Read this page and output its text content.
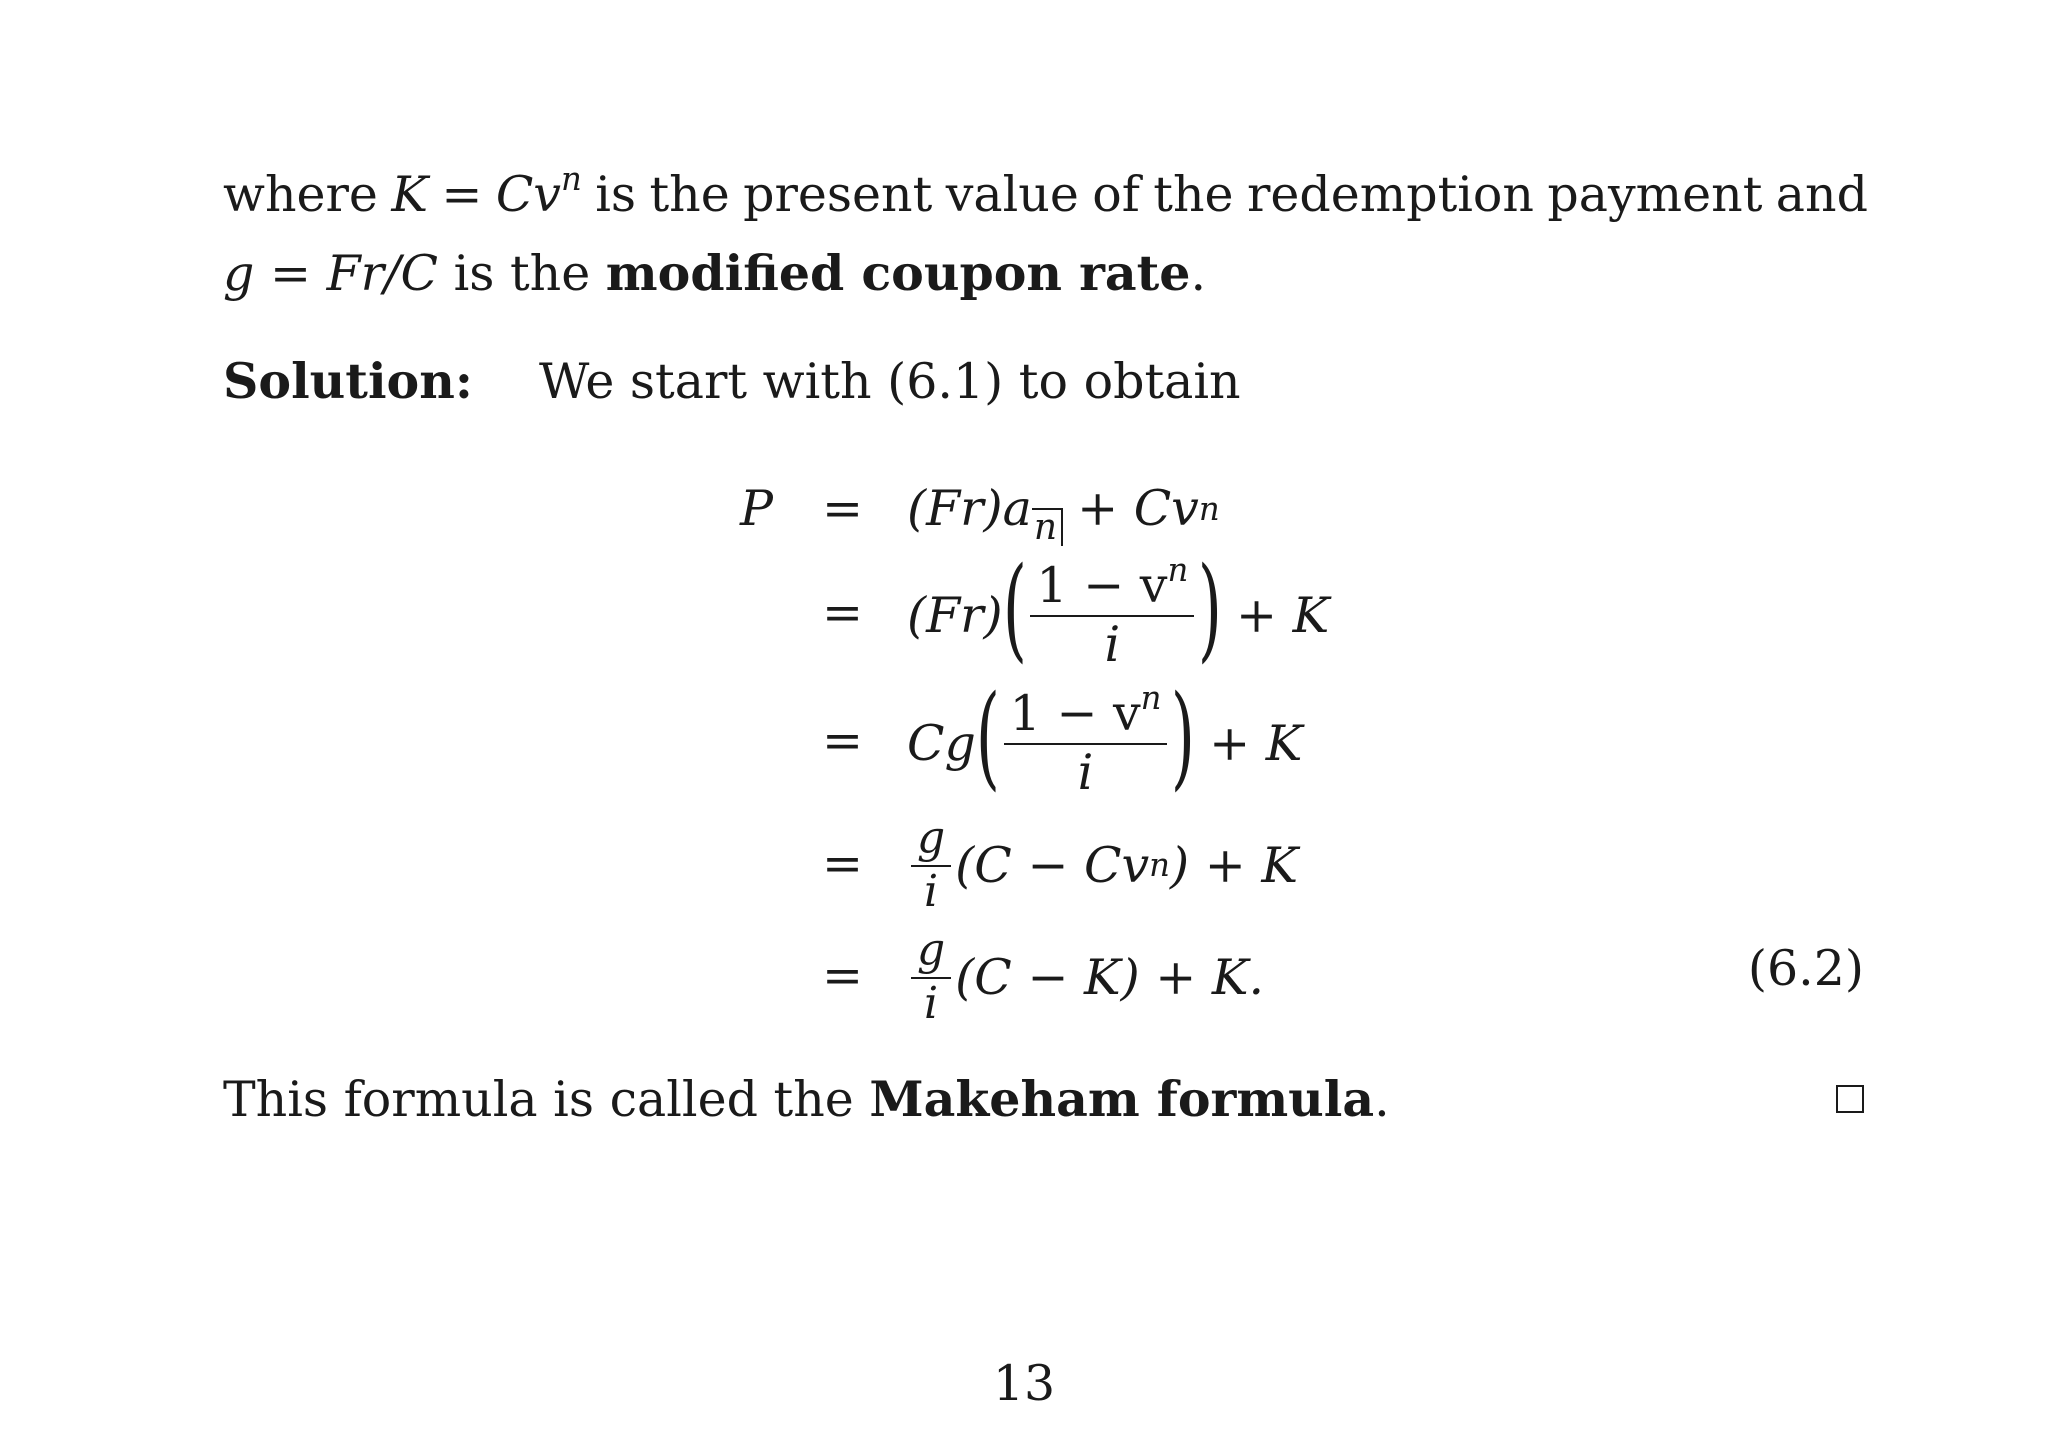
where $K = Cv^n$ is the present value of the redemption payment and
g = Fr/C is the modified coupon rate.
Solution: We start with (6.1) to obtain
P = (Fr)a n + Cv n
= (Fr) ( $\frac{1 - v^n}{i}$ ) + K
= Cg ( $\frac{1 - v^n}{i}$ ) + K
= $\frac{g}{i} (C - Cv$ n ) + K
= $\frac{g}{i} (C - K) + K$.	(6.2)
This formula is called the Makeham formula.
13
